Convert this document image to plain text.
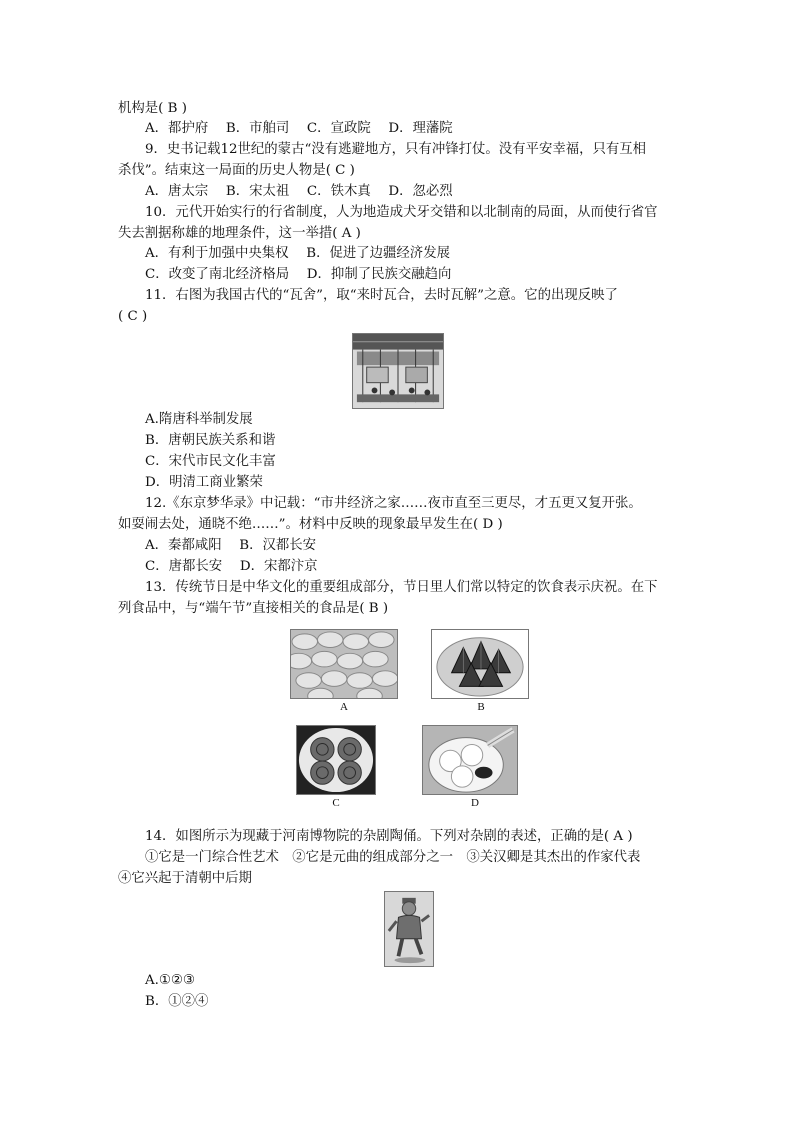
机构是( B )
A．都护府　 B．市舶司　 C．宣政院　 D．理藩院
9．史书记载12世纪的蒙古“没有逃避地方，只有冲锋打仗。没有平安幸福，只有互相
杀伐”。结束这一局面的历史人物是( C )
A．唐太宗　 B．宋太祖　 C．铁木真　 D．忽必烈
10．元代开始实行的行省制度，人为地造成犬牙交错和以北制南的局面，从而使行省官
失去割据称雄的地理条件，这一举措( A )
A．有利于加强中央集权　 B．促进了边疆经济发展
C．改变了南北经济格局　 D．抑制了民族交融趋向
11．右图为我国古代的“瓦舍”，取“来时瓦合，去时瓦解”之意。它的出现反映了
( C )
A.隋唐科举制发展
B．唐朝民族关系和谐
C．宋代市民文化丰富
D．明清工商业繁荣
12.《东京梦华录》中记载：“市井经济之家……夜市直至三更尽，才五更又复开张。
如耍闹去处，通晓不绝……”。材料中反映的现象最早发生在( D )
A．秦都咸阳　 B．汉都长安
C．唐都长安　 D．宋都汴京
13．传统节日是中华文化的重要组成部分，节日里人们常以特定的饮食表示庆祝。在下
列食品中，与“端午节”直接相关的食品是( B )
A	B
C	D
14．如图所示为现藏于河南博物院的杂剧陶俑。下列对杂剧的表述，正确的是( A )
①它是一门综合性艺术　②它是元曲的组成部分之一　③关汉卿是其杰出的作家代表
④它兴起于清朝中后期
A.①②③
B．①②④
